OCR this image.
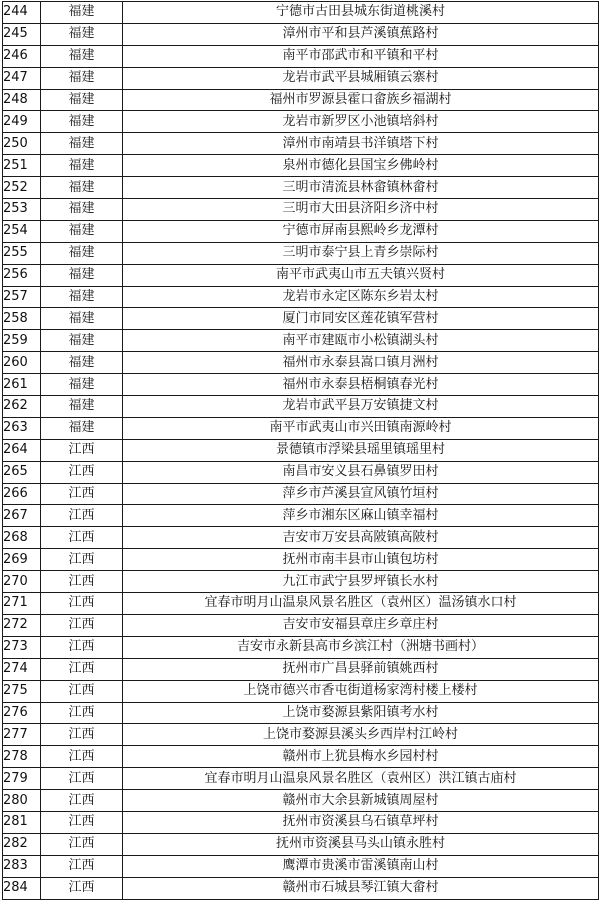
244	福建	宁德市古田县城东街道桃溪村
245	福建	漳州市平和县芦溪镇蕉路村
246	福建	南平市邵武市和平镇和平村
247	福建	龙岩市武平县城厢镇云寨村
248	福建	福州市罗源县霍口畲族乡福湖村
249	福建	龙岩市新罗区小池镇培斜村
250	福建	漳州市南靖县书洋镇塔下村
251	福建	泉州市德化县国宝乡佛岭村
252	福建	三明市清流县林畲镇林畲村
253	福建	三明市大田县济阳乡济中村
254	福建	宁德市屏南县熙岭乡龙潭村
255	福建	三明市泰宁县上青乡崇际村
256	福建	南平市武夷山市五夫镇兴贤村
257	福建	龙岩市永定区陈东乡岩太村
258	福建	厦门市同安区莲花镇军营村
259	福建	南平市建瓯市小松镇湖头村
260	福建	福州市永泰县嵩口镇月洲村
261	福建	福州市永泰县梧桐镇春光村
262	福建	龙岩市武平县万安镇捷文村
263	福建	南平市武夷山市兴田镇南源岭村
264	江西	景德镇市浮梁县瑶里镇瑶里村
265	江西	南昌市安义县石鼻镇罗田村
266	江西	萍乡市芦溪县宣风镇竹垣村
267	江西	萍乡市湘东区麻山镇幸福村
268	江西	吉安市万安县高陂镇高陂村
269	江西	抚州市南丰县市山镇包坊村
270	江西	九江市武宁县罗坪镇长水村
271	江西	宜春市明月山温泉风景名胜区（袁州区）温汤镇水口村
272	江西	吉安市安福县章庄乡章庄村
273	江西	吉安市永新县高市乡滨江村（洲塘书画村）
274	江西	抚州市广昌县驿前镇姚西村
275	江西	上饶市德兴市香屯街道杨家湾村楼上楼村
276	江西	上饶市婺源县紫阳镇考水村
277	江西	上饶市婺源县溪头乡西岸村江岭村
278	江西	赣州市上犹县梅水乡园村村
279	江西	宜春市明月山温泉风景名胜区（袁州区）洪江镇古庙村
280	江西	赣州市大余县新城镇周屋村
281	江西	抚州市资溪县乌石镇草坪村
282	江西	抚州市资溪县马头山镇永胜村
283	江西	鹰潭市贵溪市雷溪镇南山村
284	江西	赣州市石城县琴江镇大畲村
